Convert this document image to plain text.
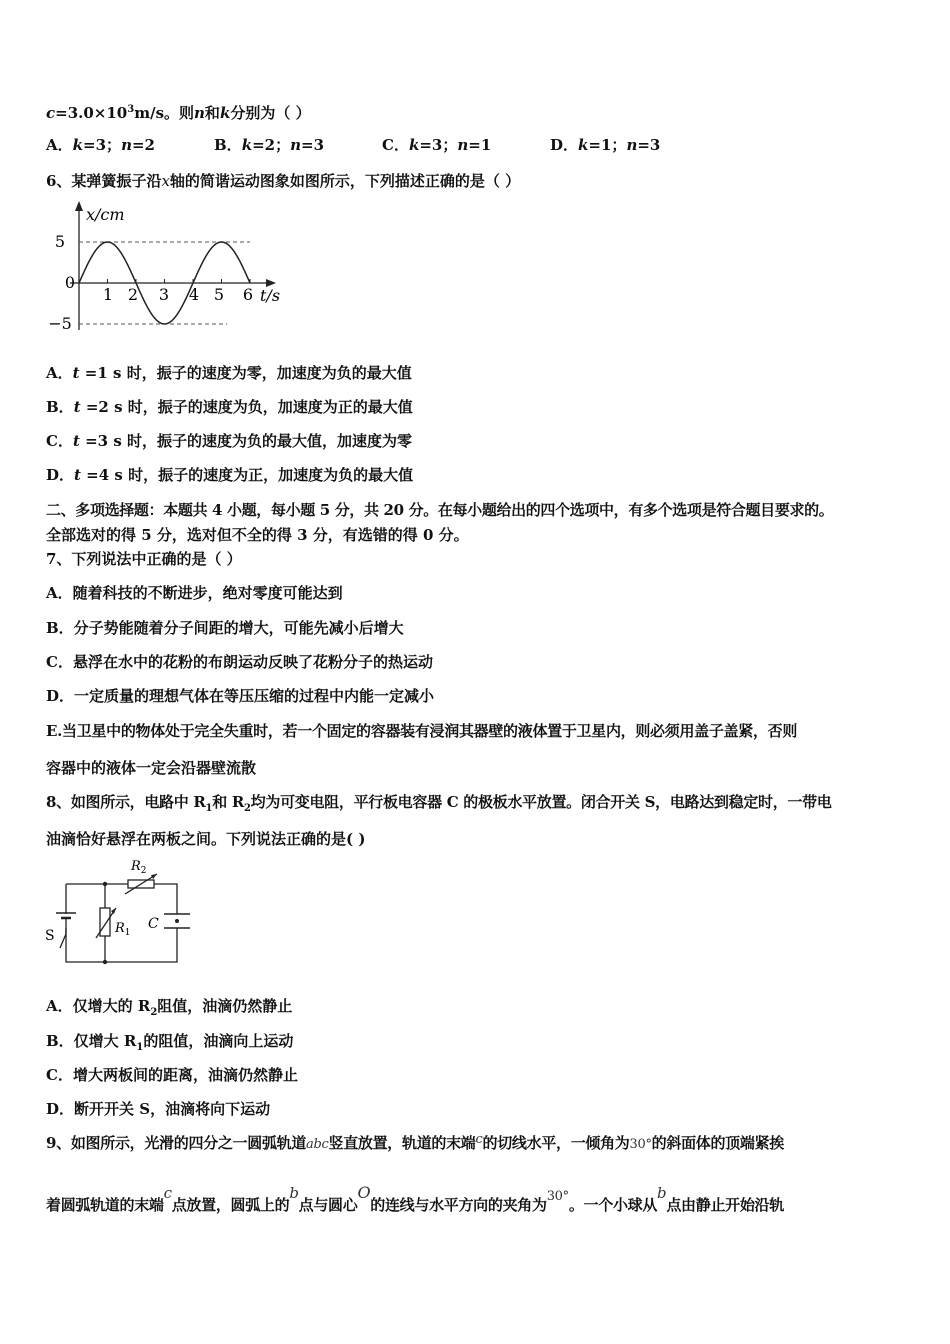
$c=3.0\times 10^3m/s$。则n和k分别为（ ）
A．k=3；n=2	B．k=2；n=3	C．k=3；n=1	D．k=1；n=3
6、某弹簧振子沿x轴的简谐运动图象如图所示，下列描述正确的是（ ）
x/cm
t/s
5
0
−5
1 2 3 4 5 6
A．t =1 s 时，振子的速度为零，加速度为负的最大值
B．t =2 s 时，振子的速度为负，加速度为正的最大值
C．t =3 s 时，振子的速度为负的最大值，加速度为零
D．t =4 s 时，振子的速度为正，加速度为负的最大值
二、多项选择题：本题共 4 小题，每小题 5 分，共 20 分。在每小题给出的四个选项中，有多个选项是符合题目要求的。
全部选对的得 5 分，选对但不全的得 3 分，有选错的得 0 分。
7、下列说法中正确的是（ ）
A．随着科技的不断进步，绝对零度可能达到
B．分子势能随着分子间距的增大，可能先减小后增大
C．悬浮在水中的花粉的布朗运动反映了花粉分子的热运动
D．一定质量的理想气体在等压压缩的过程中内能一定减小
E.当卫星中的物体处于完全失重时，若一个固定的容器装有浸润其器壁的液体置于卫星内，则必须用盖子盖紧，否则
容器中的液体一定会沿器壁流散
8、如图所示，电路中 $R_1$和 $R_2$均为可变电阻，平行板电容器 C 的极板水平放置。闭合开关 S，电路达到稳定时，一带电
油滴恰好悬浮在两板之间。下列说法正确的是( )
$R_2$
$R_1$
C
S
A．仅增大的 $R_2$阻值，油滴仍然静止
B．仅增大 $R_1$的阻值，油滴向上运动
C．增大两板间的距离，油滴仍然静止
D．断开开关 S，油滴将向下运动
9、如图所示，光滑的四分之一圆弧轨道abc竖直放置，轨道的末端c的切线水平，一倾角为30°的斜面体的顶端紧挨
着圆弧轨道的末端c点放置，圆弧上的b点与圆心O的连线与水平方向的夹角为30°。一个小球从b点由静止开始沿轨
